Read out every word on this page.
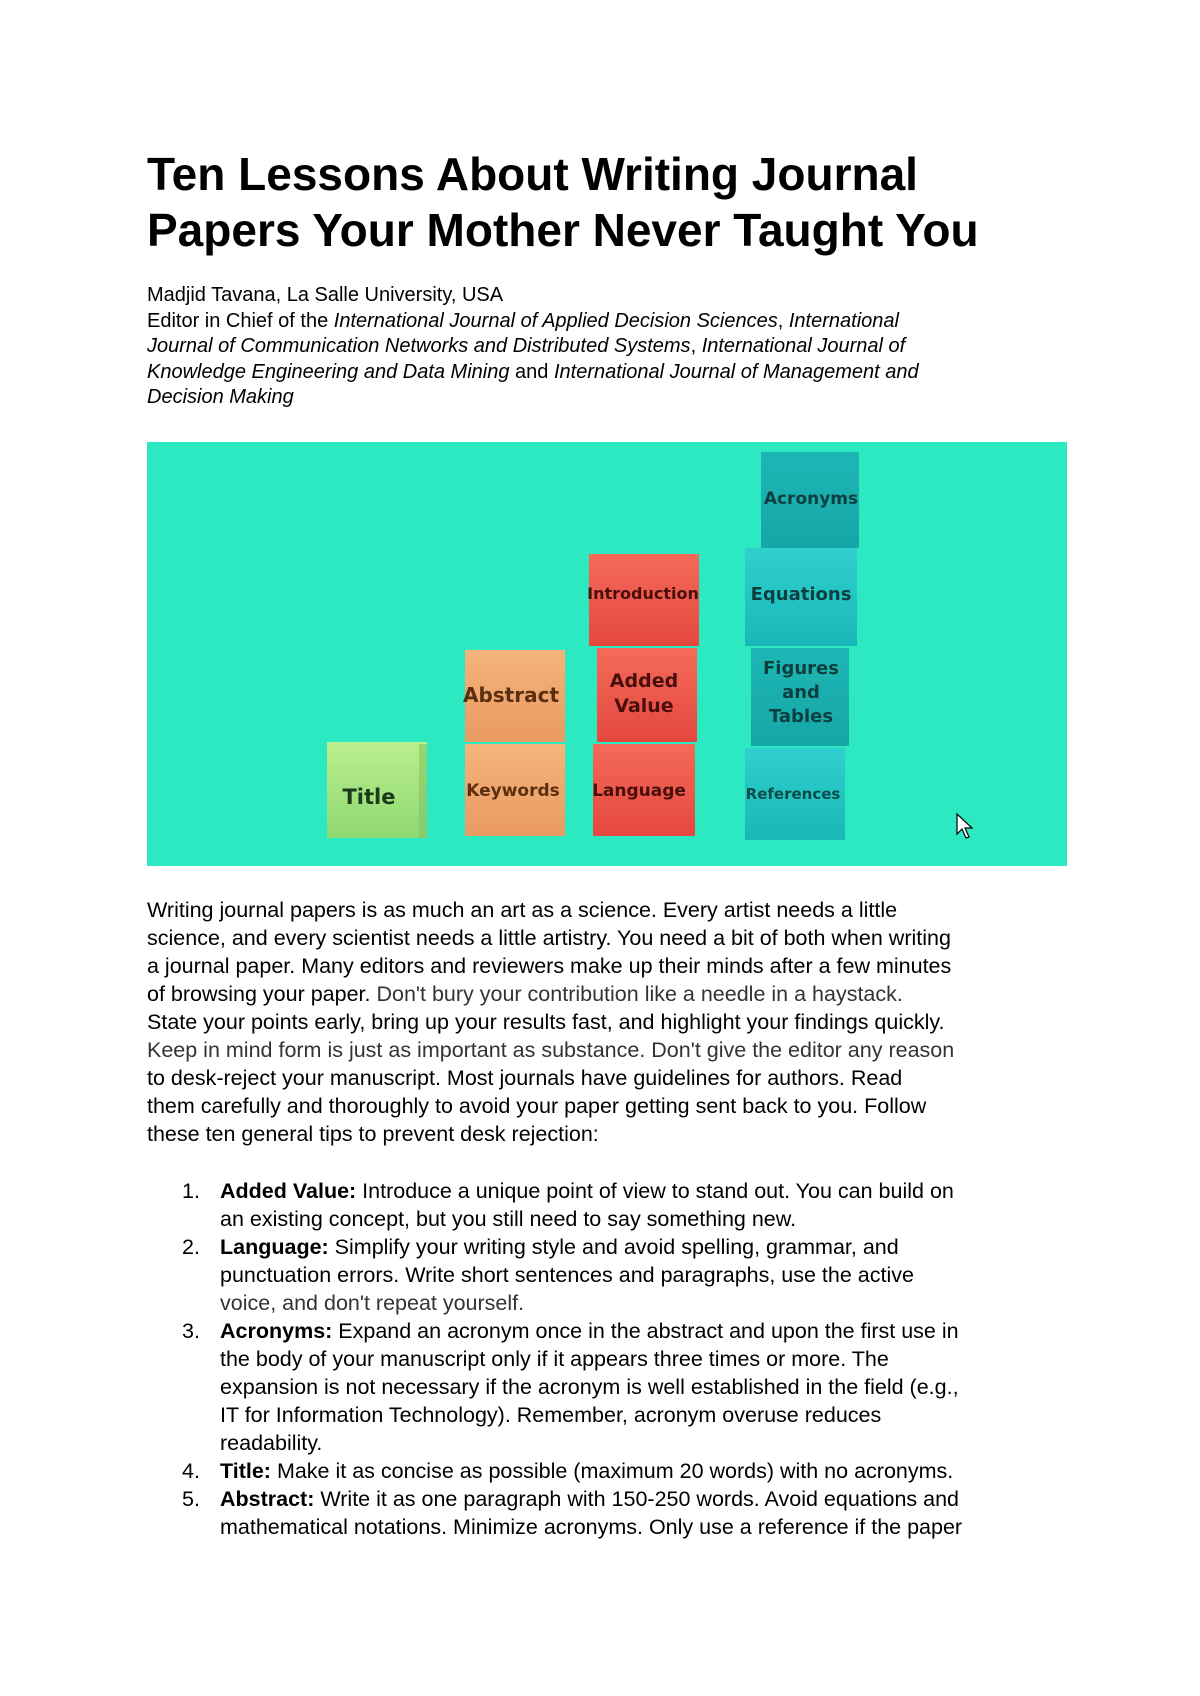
Ten Lessons About Writing Journal
Papers Your Mother Never Taught You
Madjid Tavana, La Salle University, USA
Editor in Chief of the International Journal of Applied Decision Sciences, International
Journal of Communication Networks and Distributed Systems, International Journal of
Knowledge Engineering and Data Mining and International Journal of Management and
Decision Making
Title	Keywords
Abstract
Language
Added
Value
Introduction
References
Figures
and
Tables
Equations
Acronyms
Writing journal papers is as much an art as a science. Every artist needs a little
science, and every scientist needs a little artistry. You need a bit of both when writing
a journal paper. Many editors and reviewers make up their minds after a few minutes
of browsing your paper. Don't bury your contribution like a needle in a haystack.
State your points early, bring up your results fast, and highlight your findings quickly.
Keep in mind form is just as important as substance. Don't give the editor any reason
to desk-reject your manuscript. Most journals have guidelines for authors. Read
them carefully and thoroughly to avoid your paper getting sent back to you. Follow
these ten general tips to prevent desk rejection:
1. Added Value: Introduce a unique point of view to stand out. You can build on
an existing concept, but you still need to say something new.
2. Language: Simplify your writing style and avoid spelling, grammar, and
punctuation errors. Write short sentences and paragraphs, use the active
voice, and don't repeat yourself.
3. Acronyms: Expand an acronym once in the abstract and upon the first use in
the body of your manuscript only if it appears three times or more. The
expansion is not necessary if the acronym is well established in the field (e.g.,
IT for Information Technology). Remember, acronym overuse reduces
readability.
4. Title: Make it as concise as possible (maximum 20 words) with no acronyms.
5. Abstract: Write it as one paragraph with 150-250 words. Avoid equations and
mathematical notations. Minimize acronyms. Only use a reference if the paper
